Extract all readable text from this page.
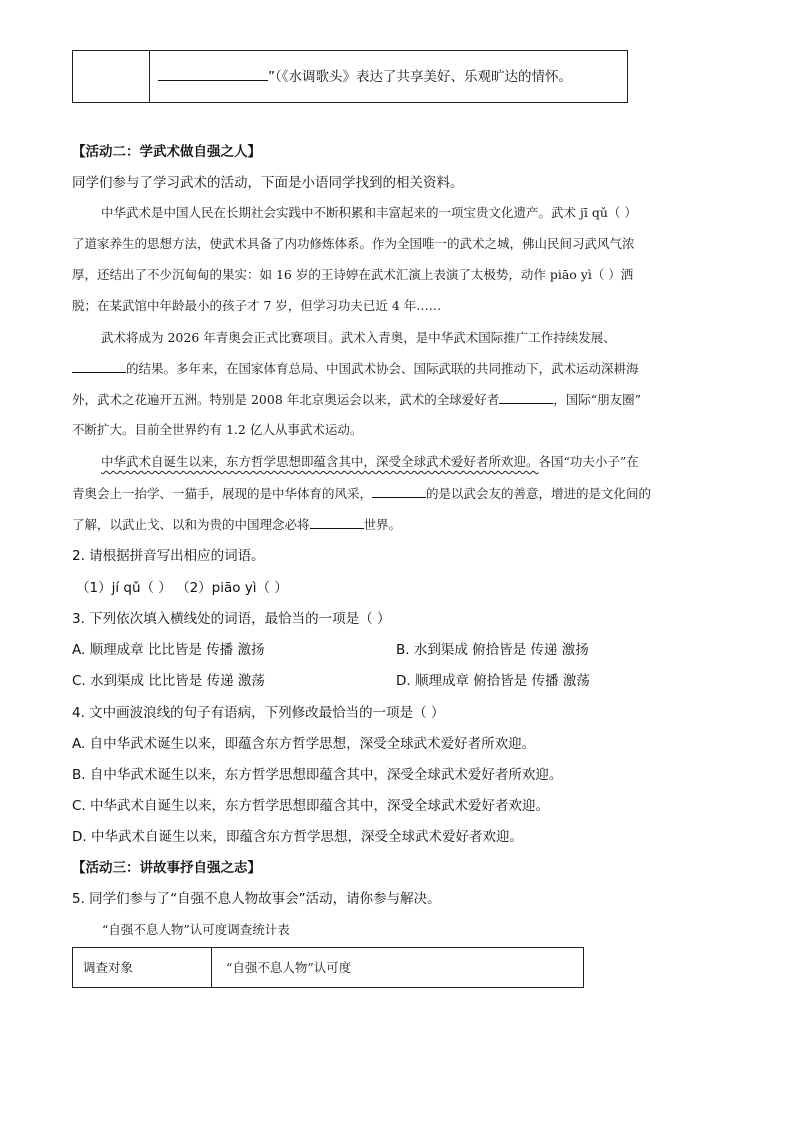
	”（《水调歌头》表达了共享美好、乐观旷达的情怀。
【活动二：学武术做自强之人】
同学们参与了学习武术的活动，下面是小语同学找到的相关资料。
中华武术是中国人民在长期社会实践中不断积累和丰富起来的一项宝贵文化遗产。武术 jī qǔ（ ）
了道家养生的思想方法，使武术具备了内功修炼体系。作为全国唯一的武术之城，佛山民间习武风气浓
厚，还结出了不少沉甸甸的果实：如 16 岁的王诗婷在武术汇演上表演了太极势，动作 piāo yì（ ）洒
脱；在某武馆中年龄最小的孩子才 7 岁，但学习功夫已近 4 年……
武术将成为 2026 年青奥会正式比赛项目。武术入青奥，是中华武术国际推广工作持续发展、
的结果。多年来，在国家体育总局、中国武术协会、国际武联的共同推动下，武术运动深耕海
外，武术之花遍开五洲。特别是 2008 年北京奥运会以来，武术的全球爱好者	，国际“朋友圈”
不断扩大。目前全世界约有 1.2 亿人从事武术运动。
中华武术自诞生以来，东方哲学思想即蕴含其中，深受全球武术爱好者所欢迎。各国“功夫小子”在
青奥会上一抬学、一猫手，展现的是中华体育的风采，	的是以武会友的善意，增进的是文化间的
了解，以武止戈、以和为贵的中国理念必将	世界。
2. 请根据拼音写出相应的词语。
（1）jí qǔ（ ） （2）piāo yì（ ）
3. 下列依次填入横线处的词语，最恰当的一项是（ ）
A. 顺理成章 比比皆是 传播 激扬	B. 水到渠成 俯拾皆是 传递 激扬
C. 水到渠成 比比皆是 传递 激荡	D. 顺理成章 俯拾皆是 传播 激荡
4. 文中画波浪线的句子有语病，下列修改最恰当的一项是（ ）
A. 自中华武术诞生以来，即蕴含东方哲学思想，深受全球武术爱好者所欢迎。
B. 自中华武术诞生以来，东方哲学思想即蕴含其中，深受全球武术爱好者所欢迎。
C. 中华武术自诞生以来，东方哲学思想即蕴含其中，深受全球武术爱好者欢迎。
D. 中华武术自诞生以来，即蕴含东方哲学思想，深受全球武术爱好者欢迎。
【活动三：讲故事抒自强之志】
5. 同学们参与了“自强不息人物故事会”活动，请你参与解决。
“自强不息人物”认可度调查统计表
调查对象	“自强不息人物”认可度
